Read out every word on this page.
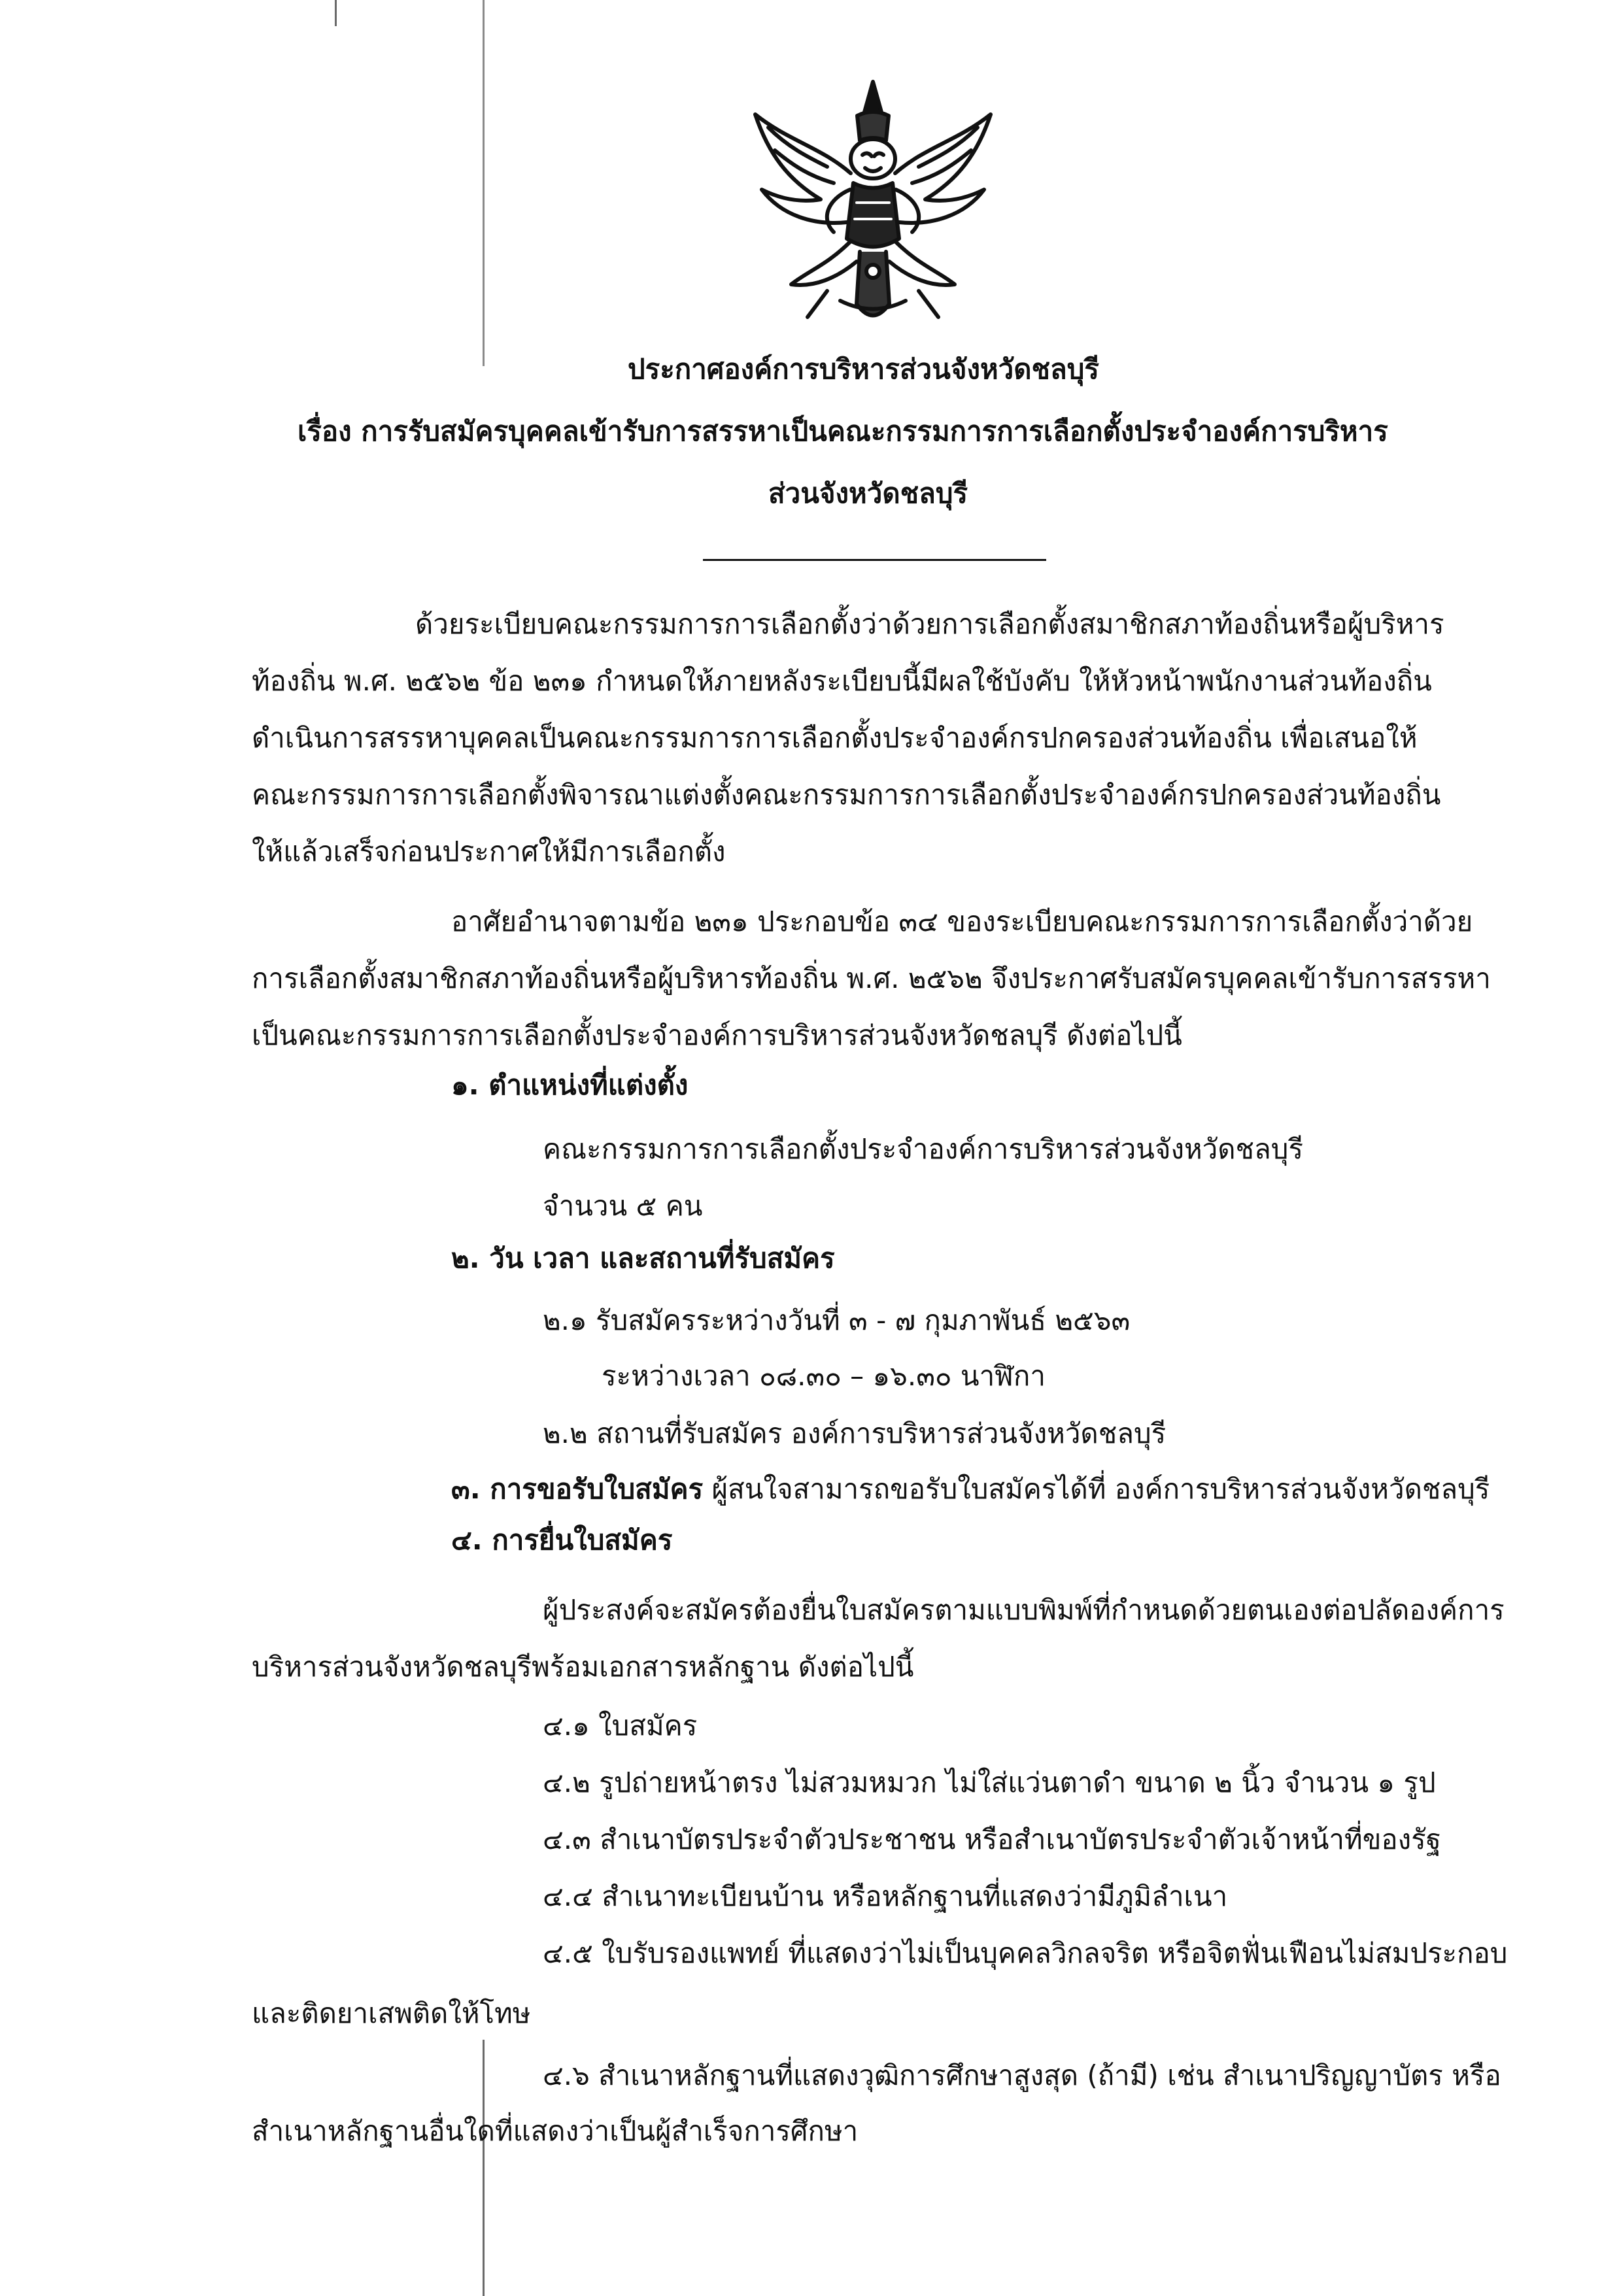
ประกาศองค์การบริหารส่วนจังหวัดชลบุรี
เรื่อง การรับสมัครบุคคลเข้ารับการสรรหาเป็นคณะกรรมการการเลือกตั้งประจำองค์การบริหาร
ส่วนจังหวัดชลบุรี
ด้วยระเบียบคณะกรรมการการเลือกตั้งว่าด้วยการเลือกตั้งสมาชิกสภาท้องถิ่นหรือผู้บริหาร
ท้องถิ่น พ.ศ. ๒๕๖๒ ข้อ ๒๓๑ กำหนดให้ภายหลังระเบียบนี้มีผลใช้บังคับ ให้หัวหน้าพนักงานส่วนท้องถิ่น
ดำเนินการสรรหาบุคคลเป็นคณะกรรมการการเลือกตั้งประจำองค์กรปกครองส่วนท้องถิ่น เพื่อเสนอให้
คณะกรรมการการเลือกตั้งพิจารณาแต่งตั้งคณะกรรมการการเลือกตั้งประจำองค์กรปกครองส่วนท้องถิ่น
ให้แล้วเสร็จก่อนประกาศให้มีการเลือกตั้ง
อาศัยอำนาจตามข้อ ๒๓๑ ประกอบข้อ ๓๔ ของระเบียบคณะกรรมการการเลือกตั้งว่าด้วย
การเลือกตั้งสมาชิกสภาท้องถิ่นหรือผู้บริหารท้องถิ่น พ.ศ. ๒๕๖๒ จึงประกาศรับสมัครบุคคลเข้ารับการสรรหา
เป็นคณะกรรมการการเลือกตั้งประจำองค์การบริหารส่วนจังหวัดชลบุรี ดังต่อไปนี้
๑. ตำแหน่งที่แต่งตั้ง
คณะกรรมการการเลือกตั้งประจำองค์การบริหารส่วนจังหวัดชลบุรี
จำนวน ๕ คน
๒. วัน เวลา และสถานที่รับสมัคร
๒.๑ รับสมัครระหว่างวันที่ ๓ - ๗ กุมภาพันธ์ ๒๕๖๓
ระหว่างเวลา ๐๘.๓๐ – ๑๖.๓๐ นาฬิกา
๒.๒ สถานที่รับสมัคร องค์การบริหารส่วนจังหวัดชลบุรี
๓. การขอรับใบสมัคร ผู้สนใจสามารถขอรับใบสมัครได้ที่ องค์การบริหารส่วนจังหวัดชลบุรี
๔. การยื่นใบสมัคร
ผู้ประสงค์จะสมัครต้องยื่นใบสมัครตามแบบพิมพ์ที่กำหนดด้วยตนเองต่อปลัดองค์การ
บริหารส่วนจังหวัดชลบุรีพร้อมเอกสารหลักฐาน ดังต่อไปนี้
๔.๑ ใบสมัคร
๔.๒ รูปถ่ายหน้าตรง ไม่สวมหมวก ไม่ใส่แว่นตาดำ ขนาด ๒ นิ้ว จำนวน ๑ รูป
๔.๓ สำเนาบัตรประจำตัวประชาชน หรือสำเนาบัตรประจำตัวเจ้าหน้าที่ของรัฐ
๔.๔ สำเนาทะเบียนบ้าน หรือหลักฐานที่แสดงว่ามีภูมิลำเนา
๔.๕ ใบรับรองแพทย์ ที่แสดงว่าไม่เป็นบุคคลวิกลจริต หรือจิตฟั่นเฟือนไม่สมประกอบ
และติดยาเสพติดให้โทษ
๔.๖ สำเนาหลักฐานที่แสดงวุฒิการศึกษาสูงสุด (ถ้ามี) เช่น สำเนาปริญญาบัตร หรือ
สำเนาหลักฐานอื่นใดที่แสดงว่าเป็นผู้สำเร็จการศึกษา
